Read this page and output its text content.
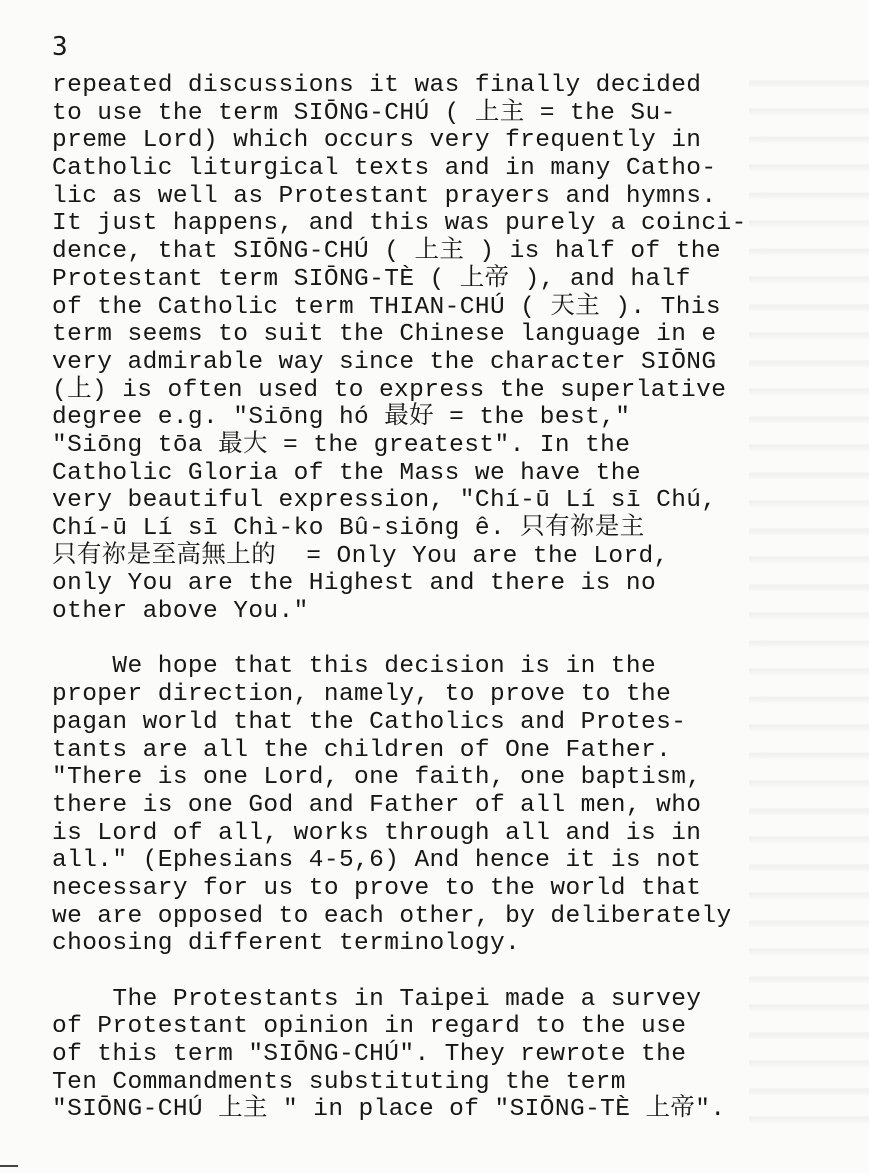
3
repeated discussions it was finally decided
to use the term SIŌNG-CHÚ ( 上主 = the Su-
preme Lord) which occurs very frequently in
Catholic liturgical texts and in many Catho-
lic as well as Protestant prayers and hymns.
It just happens, and this was purely a coinci-
dence, that SIŌNG-CHÚ ( 上主 ) is half of the
Protestant term SIŌNG-TÈ ( 上帝 ), and half
of the Catholic term THIAN-CHÚ ( 天主 ). This
term seems to suit the Chinese language in e
very admirable way since the character SIŌNG
(上) is often used to express the superlative
degree e.g. "Siōng hó 最好 = the best,"
"Siōng tōa 最大 = the greatest". In the
Catholic Gloria of the Mass we have the
very beautiful expression, "Chí-ū Lí sī Chú,
Chí-ū Lí sī Chì-ko Bû-siōng ê. 只有祢是主
只有祢是至高無上的  = Only You are the Lord,
only You are the Highest and there is no
other above You."
We hope that this decision is in the
proper direction, namely, to prove to the
pagan world that the Catholics and Protes-
tants are all the children of One Father.
"There is one Lord, one faith, one baptism,
there is one God and Father of all men, who
is Lord of all, works through all and is in
all." (Ephesians 4-5,6) And hence it is not
necessary for us to prove to the world that
we are opposed to each other, by deliberately
choosing different terminology.
The Protestants in Taipei made a survey
of Protestant opinion in regard to the use
of this term "SIŌNG-CHÚ". They rewrote the
Ten Commandments substituting the term
"SIŌNG-CHÚ 上主 " in place of "SIŌNG-TÈ 上帝".
